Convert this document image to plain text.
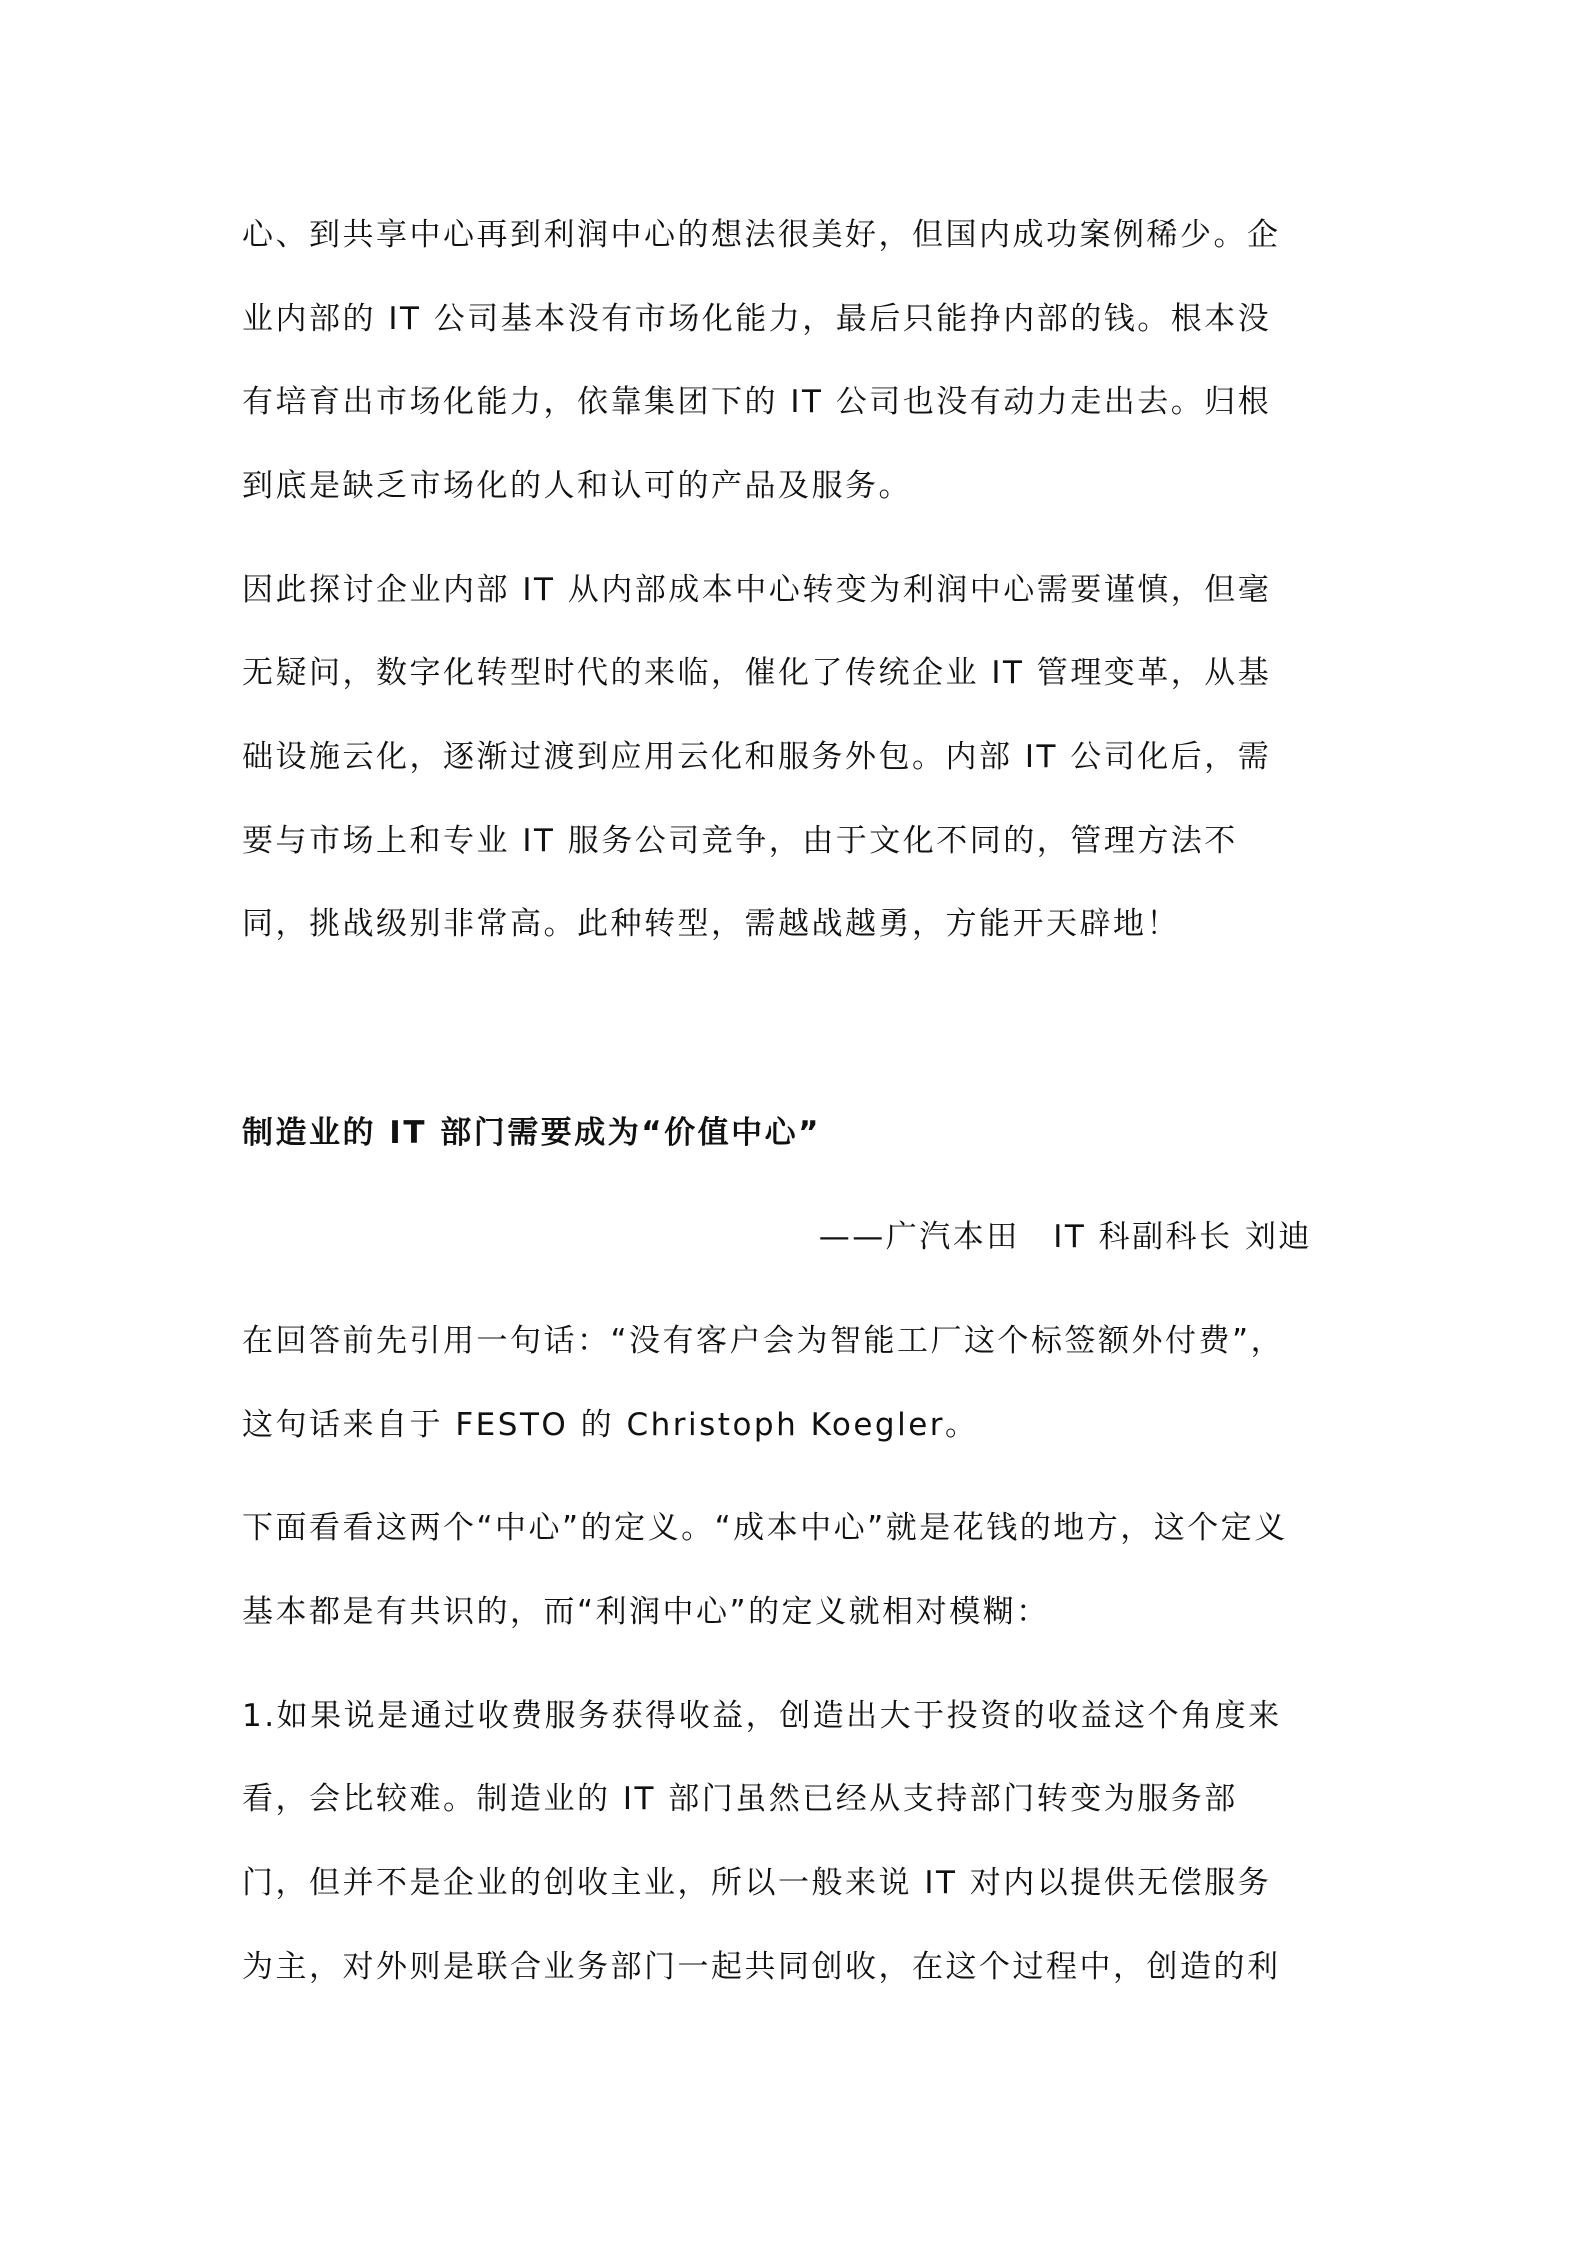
心、到共享中心再到利润中心的想法很美好，但国内成功案例稀少。企
业内部的 IT 公司基本没有市场化能力，最后只能挣内部的钱。根本没
有培育出市场化能力，依靠集团下的 IT 公司也没有动力走出去。归根
到底是缺乏市场化的人和认可的产品及服务。
因此探讨企业内部 IT 从内部成本中心转变为利润中心需要谨慎，但毫
无疑问，数字化转型时代的来临，催化了传统企业 IT 管理变革，从基
础设施云化，逐渐过渡到应用云化和服务外包。内部 IT 公司化后，需
要与市场上和专业 IT 服务公司竞争，由于文化不同的，管理方法不
同，挑战级别非常高。此种转型，需越战越勇，方能开天辟地！
制造业的 IT 部门需要成为“价值中心”
——广汽本田　IT 科副科长 刘迪
在回答前先引用一句话：“没有客户会为智能工厂这个标签额外付费”，
这句话来自于 FESTO 的 Christoph Koegler。
下面看看这两个“中心”的定义。“成本中心”就是花钱的地方，这个定义
基本都是有共识的，而“利润中心”的定义就相对模糊：
1.如果说是通过收费服务获得收益，创造出大于投资的收益这个角度来
看，会比较难。制造业的 IT 部门虽然已经从支持部门转变为服务部
门，但并不是企业的创收主业，所以一般来说 IT 对内以提供无偿服务
为主，对外则是联合业务部门一起共同创收，在这个过程中，创造的利
